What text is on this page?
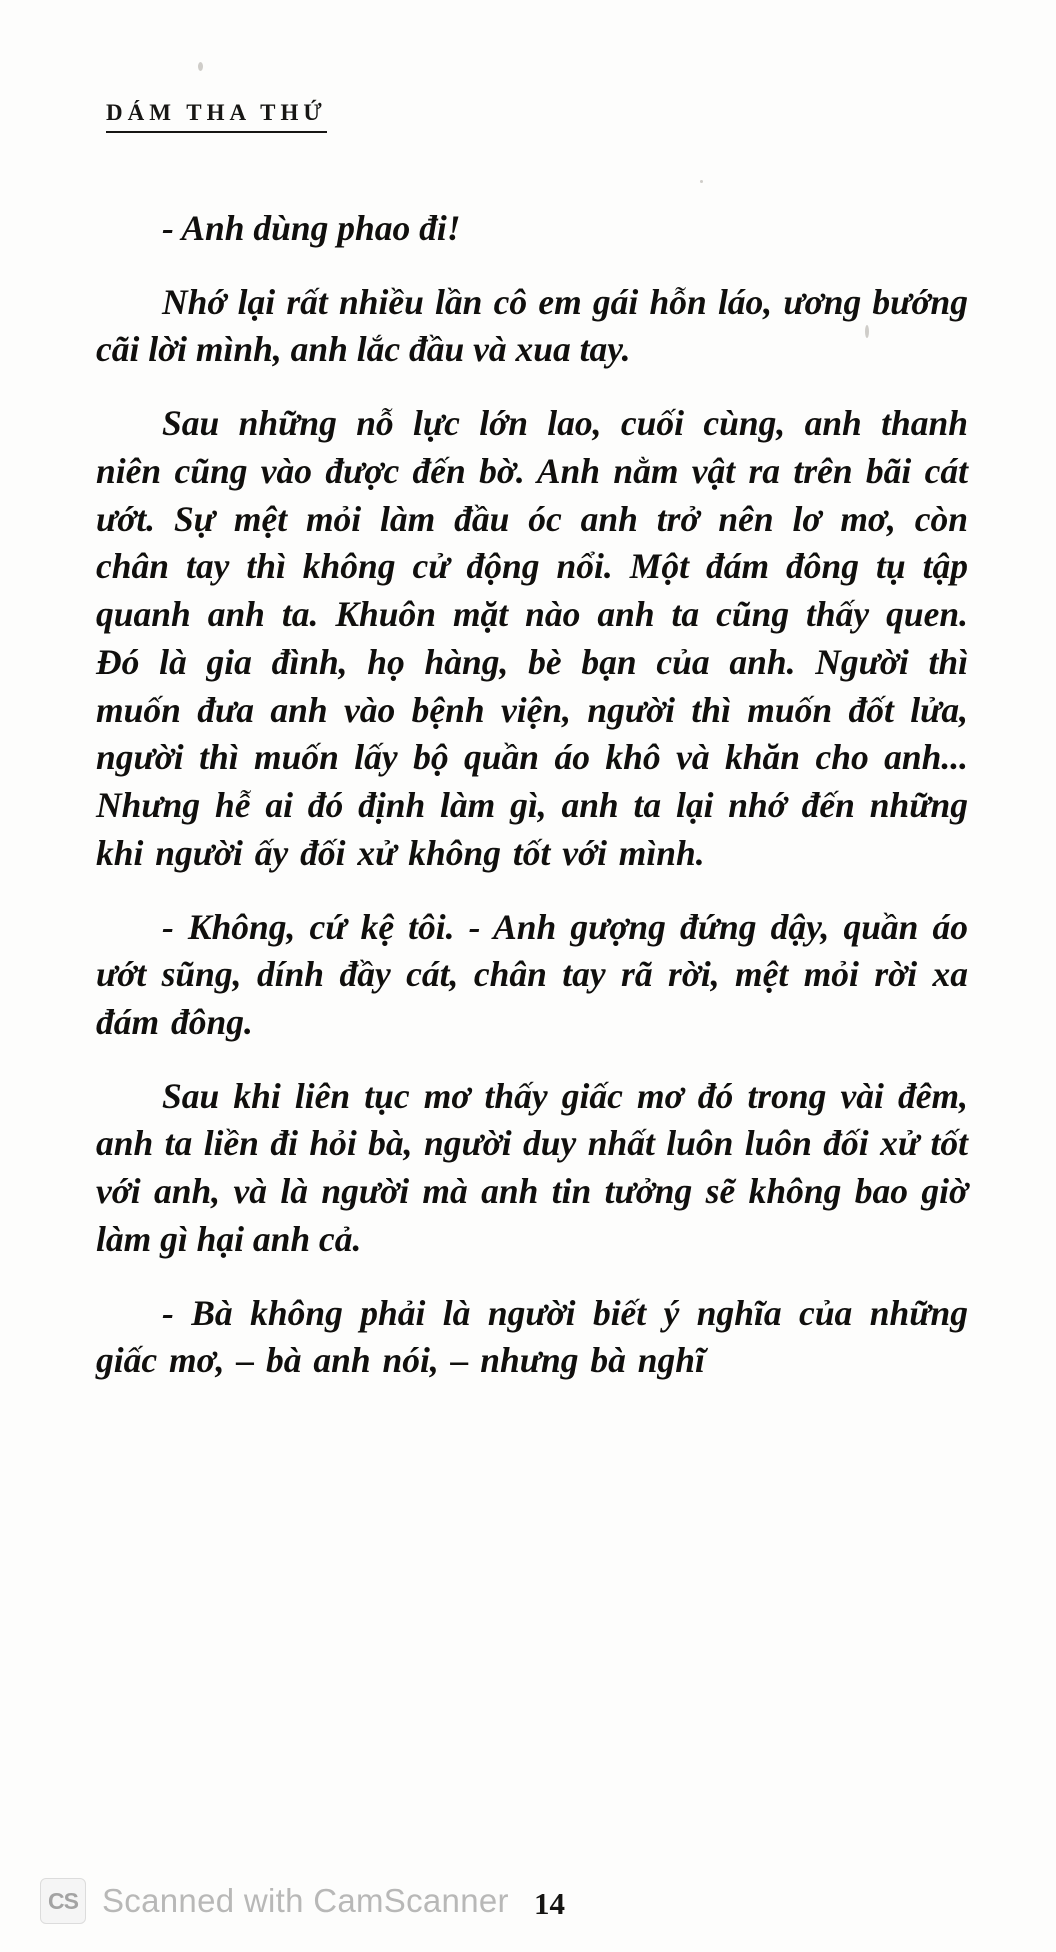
DÁM THA THỨ

- Anh dùng phao đi!

Nhớ lại rất nhiều lần cô em gái hỗn láo, ương bướng cãi lời mình, anh lắc đầu và xua tay.

Sau những nỗ lực lớn lao, cuối cùng, anh thanh niên cũng vào được đến bờ. Anh nằm vật ra trên bãi cát ướt. Sự mệt mỏi làm đầu óc anh trở nên lơ mơ, còn chân tay thì không cử động nổi. Một đám đông tụ tập quanh anh ta. Khuôn mặt nào anh ta cũng thấy quen. Đó là gia đình, họ hàng, bè bạn của anh. Người thì muốn đưa anh vào bệnh viện, người thì muốn đốt lửa, người thì muốn lấy bộ quần áo khô và khăn cho anh... Nhưng hễ ai đó định làm gì, anh ta lại nhớ đến những khi người ấy đối xử không tốt với mình.

- Không, cứ kệ tôi. - Anh gượng đứng dậy, quần áo ướt sũng, dính đầy cát, chân tay rã rời, mệt mỏi rời xa đám đông.

Sau khi liên tục mơ thấy giấc mơ đó trong vài đêm, anh ta liền đi hỏi bà, người duy nhất luôn luôn đối xử tốt với anh, và là người mà anh tin tưởng sẽ không bao giờ làm gì hại anh cả.

- Bà không phải là người biết ý nghĩa của những giấc mơ, – bà anh nói, – nhưng bà nghĩ

CS Scanned with CamScanner 14
